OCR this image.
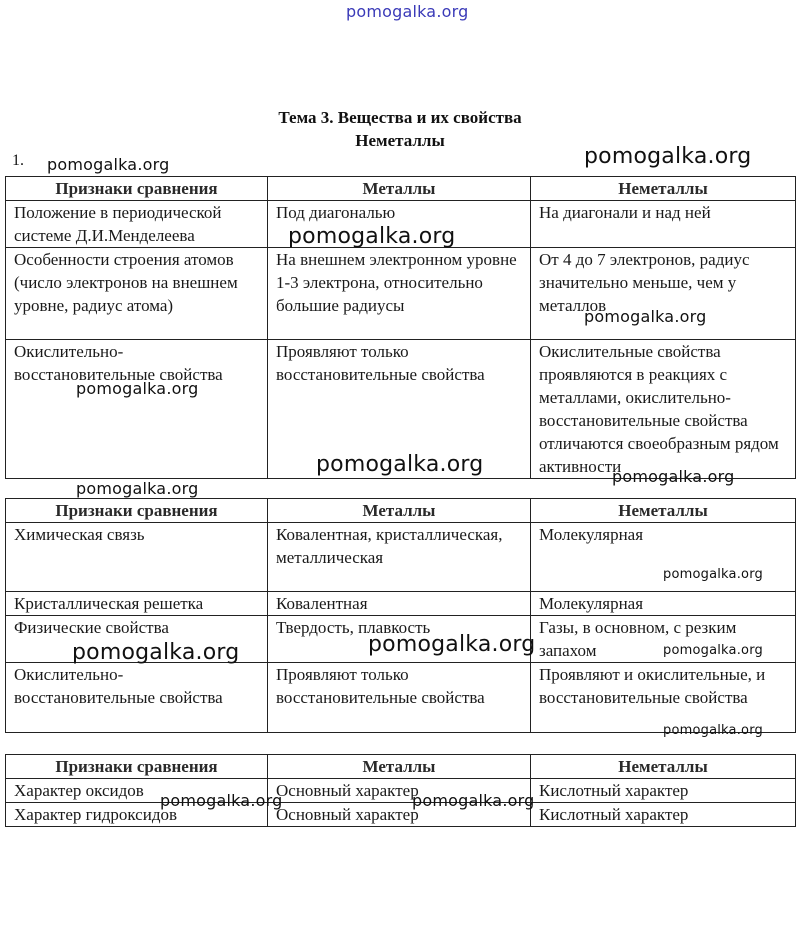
pomogalka.org
Тема 3. Вещества и их свойства
Неметаллы
1.
Признаки сравнения	Металлы	Неметаллы
Положение в периодической системе Д.И.Менделеева	Под диагональю	На диагонали и над ней
Особенности строения атомов (число электронов на внешнем уровне, радиус атома)	На внешнем электронном уровне 1-3 электрона, относительно большие радиусы	От 4 до 7 электронов, радиус значительно меньше, чем у металлов
Окислительно-восстановительные свойства	Проявляют только восстановительные свойства	Окислительные свойства проявляются в реакциях с металлами, окислительно-восстановительные свойства отличаются своеобразным рядом активности
Признаки сравнения	Металлы	Неметаллы
Химическая связь	Ковалентная, кристаллическая, металлическая	Молекулярная
Кристаллическая решетка	Ковалентная	Молекулярная
Физические свойства	Твердость, плавкость	Газы, в основном, с резким запахом
Окислительно-восстановительные свойства	Проявляют только восстановительные свойства	Проявляют и окислительные, и восстановительные свойства
Признаки сравнения	Металлы	Неметаллы
Характер оксидов	Основный характер	Кислотный характер
Характер гидроксидов	Основный характер	Кислотный характер
pomogalka.org	pomogalka.org
pomogalka.org
pomogalka.org
pomogalka.org
pomogalka.org	pomogalka.org
pomogalka.org
pomogalka.org
pomogalka.org
pomogalka.org	pomogalka.org
pomogalka.org
pomogalka.org	pomogalka.org
